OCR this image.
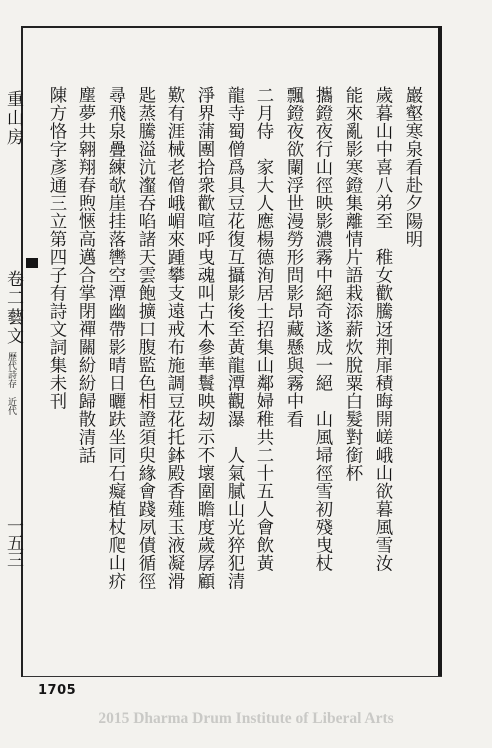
巖壑寒泉看赴夕陽明
歲暮山中喜八弟至　稚女歡騰迓荆扉積晦開嵯峨山欲暮風雪汝
能來亂影寒鐙集離情片語栽添薪炊脫粟白髮對銜杯
攜鐙夜行山徑映影濃霧中絕奇遂成一絕　山風埽徑雪初殘曳杖
飄鐙夜欲闌浮世漫勞形問影昂藏懸與霧中看
二月侍　家大人應楊德洵居士招集山鄰婦稚共二十五人會飲黃
龍寺蜀僧爲具豆花復互攝影後至黃龍潭觀瀑　人氣膩山光猝犯清
淨界蒲團拾衆歡喧呼曳魂叫古木參華鬟映刼示不壞圍瞻度歲孱顧
歎有涯械老僧峨嵋來踵攀支遠戒布施調豆花托鉢殿香薤玉液凝滑
匙蒸騰溢沆瀣吞啗諸天雲飽擴口腹監色相證須臾緣會踐夙債循徑
尋飛泉疊練欹崖挂落轡空潭幽帶影晴日曬趺坐同石癡植杖爬山疥
塵夢共翱翔春煦愜高邁合掌閉禪關紛紛歸散清話
陳方恪字彥通三立第四子有詩文詞集未刊
重山房
卷二藝文
歷代詩存　近代
一五三
1705
2015 Dharma Drum Institute of Liberal Arts
